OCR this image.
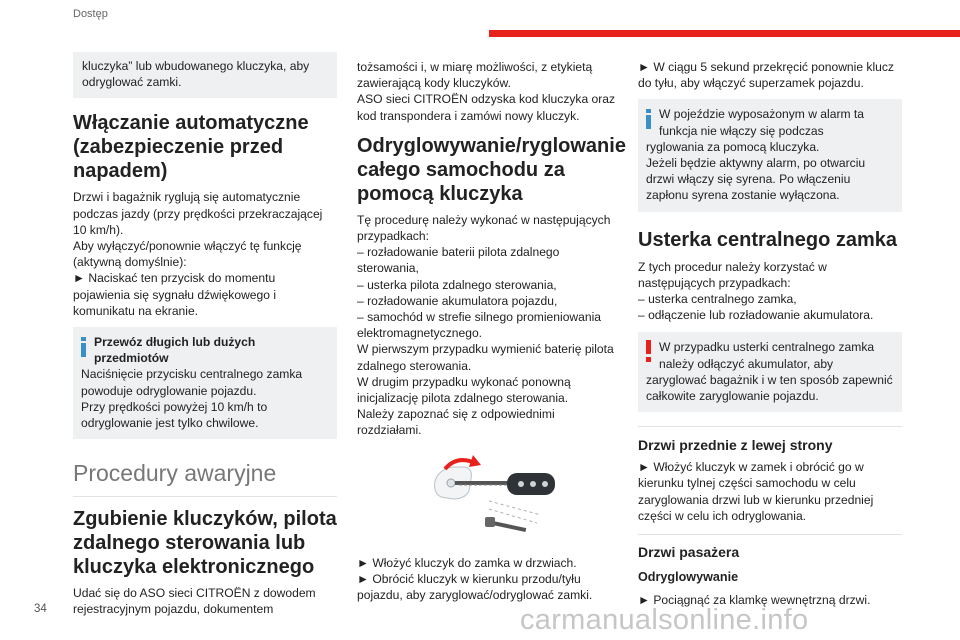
Dostęp
kluczyka” lub wbudowanego kluczyka, aby
odryglować zamki.
Włączanie automatyczne
(zabezpieczenie przed
napadem)
Drzwi i bagażnik ryglują się automatycznie
podczas jazdy (przy prędkości przekraczającej
10 km/h).
Aby wyłączyć/ponownie włączyć tę funkcję
(aktywną domyślnie):
► Naciskać ten przycisk do momentu
pojawienia się sygnału dźwiękowego i
komunikatu na ekranie.
Przewóz długich lub dużych
przedmiotów
Naciśnięcie przycisku centralnego zamka
powoduje odryglowanie pojazdu.
Przy prędkości powyżej 10 km/h to
odryglowanie jest tylko chwilowe.
Procedury awaryjne
Zgubienie kluczyków, pilota
zdalnego sterowania lub
kluczyka elektronicznego
Udać się do ASO sieci CITROËN z dowodem
rejestracyjnym pojazdu, dokumentem
tożsamości i, w miarę możliwości, z etykietą
zawierającą kody kluczyków.
ASO sieci CITROËN odzyska kod kluczyka oraz
kod transpondera i zamówi nowy kluczyk.
Odryglowywanie/ryglowanie
całego samochodu za
pomocą kluczyka
Tę procedurę należy wykonać w następujących
przypadkach:
– rozładowanie baterii pilota zdalnego
sterowania,
– usterka pilota zdalnego sterowania,
– rozładowanie akumulatora pojazdu,
– samochód w strefie silnego promieniowania
elektromagnetycznego.
W pierwszym przypadku wymienić baterię pilota
zdalnego sterowania.
W drugim przypadku wykonać ponowną
inicjalizację pilota zdalnego sterowania.
Należy zapoznać się z odpowiednimi
rozdziałami.
► Włożyć kluczyk do zamka w drzwiach.
► Obrócić kluczyk w kierunku przodu/tyłu
pojazdu, aby zaryglować/odryglować zamki.
► W ciągu 5 sekund przekręcić ponownie klucz
do tyłu, aby włączyć superzamek pojazdu.
W pojeździe wyposażonym w alarm ta
funkcja nie włączy się podczas
ryglowania za pomocą kluczyka.
Jeżeli będzie aktywny alarm, po otwarciu
drzwi włączy się syrena. Po włączeniu
zapłonu syrena zostanie wyłączona.
Usterka centralnego zamka
Z tych procedur należy korzystać w
następujących przypadkach:
– usterka centralnego zamka,
– odłączenie lub rozładowanie akumulatora.
W przypadku usterki centralnego zamka
należy odłączyć akumulator, aby
zaryglować bagażnik i w ten sposób zapewnić
całkowite zaryglowanie pojazdu.
Drzwi przednie z lewej strony
► Włożyć kluczyk w zamek i obrócić go w
kierunku tylnej części samochodu w celu
zaryglowania drzwi lub w kierunku przedniej
części w celu ich odryglowania.
Drzwi pasażera
Odryglowywanie
► Pociągnąć za klamkę wewnętrzną drzwi.
34	carmanualsonline.info
